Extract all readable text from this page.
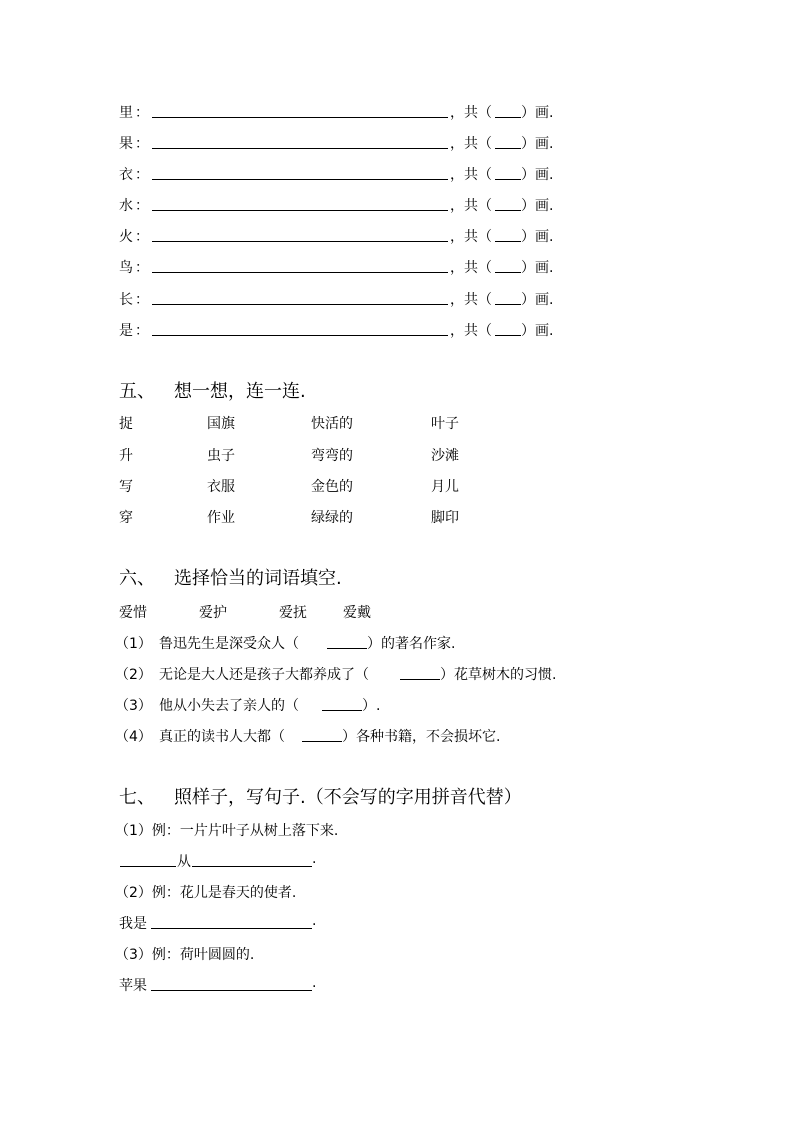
里 ：	，共（ ）画.
果 ：	，共（ ）画.
衣 ：	，共（ ）画.
水 ：	，共（ ）画.
火 ：	，共（ ）画.
鸟 ：	，共（ ）画.
长 ：	，共（ ）画.
是 ：	，共（ ）画.
五、 想一想，连一连.
捉	国旗	快活的	叶子
升	虫子	弯弯的	沙滩
写	衣服	金色的	月儿
穿	作业	绿绿的	脚印
六、 选择恰当的词语填空.
爱惜	爱护	爱抚	爱戴
（1） 鲁迅先生是深受众人（	）的著名作家.
（2） 无论是大人还是孩子大都养成了（	）花草树木的习惯.
（3） 他从小失去了亲人的（	）.
（4） 真正的读书人大都（	）各种书籍，不会损坏它.
七、 照样子，写句子.（不会写的字用拼音代替）
（1）例：一片片叶子从树上落下来.
从	.
（2）例：花儿是春天的使者.
我是	.
（3）例：荷叶圆圆的.
苹果	.
